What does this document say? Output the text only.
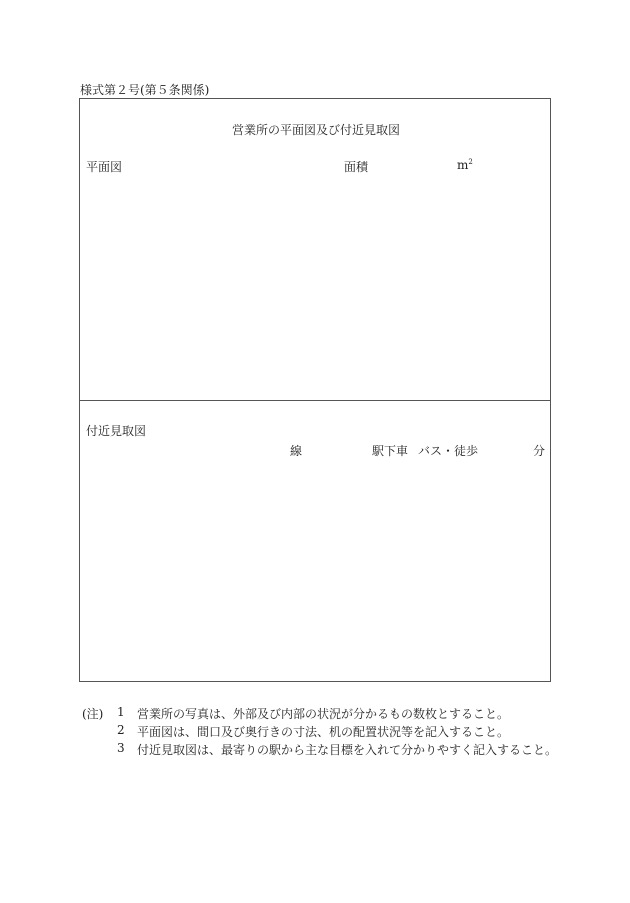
様式第２号(第５条関係)
営業所の平面図及び付近見取図
平面図	面積	$m^2$
付近見取図
線	駅下車 バス・徒歩	分
(注) 1 営業所の写真は、外部及び内部の状況が分かるもの数枚とすること。
2 平面図は、間口及び奥行きの寸法、机の配置状況等を記入すること。
3 付近見取図は、最寄りの駅から主な目標を入れて分かりやすく記入すること。
